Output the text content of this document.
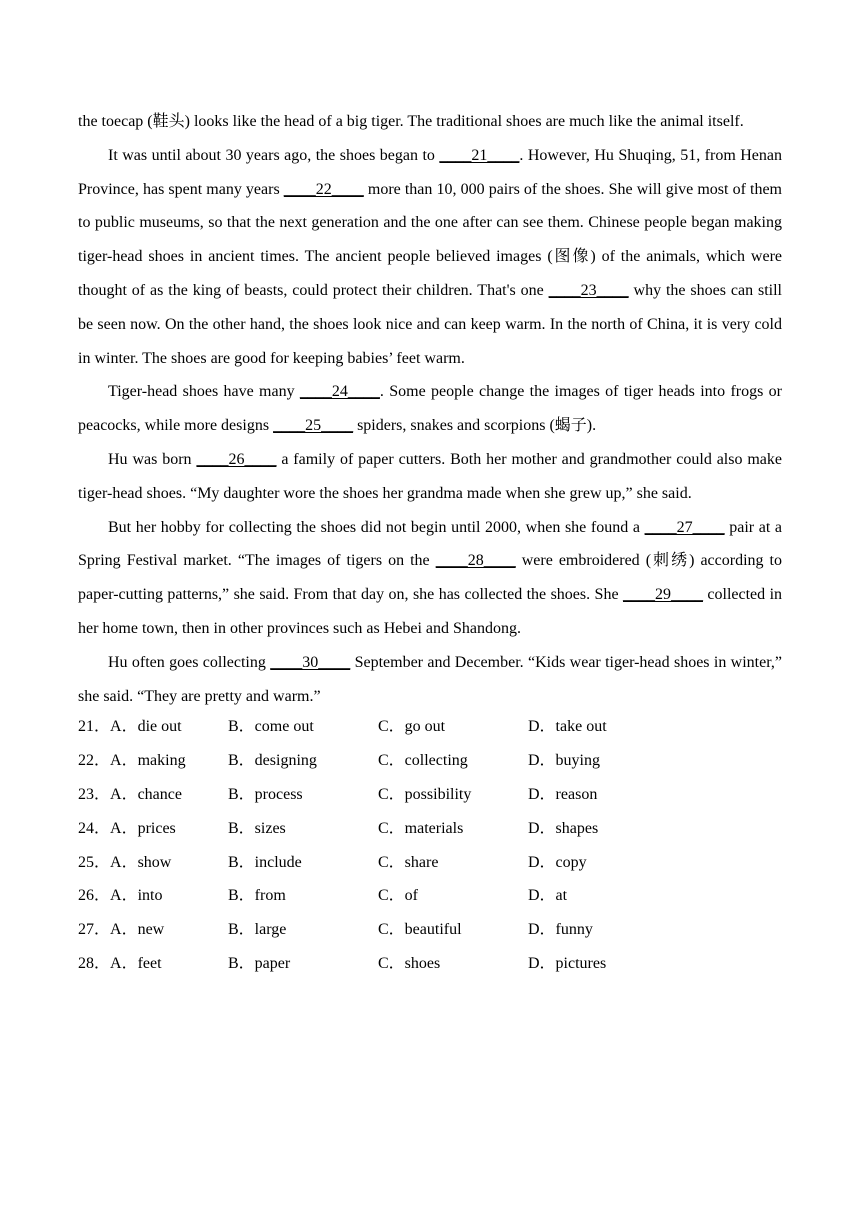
the toecap (鞋头) looks like the head of a big tiger. The traditional shoes are much like the animal itself.

It was until about 30 years ago, the shoes began to ____21____. However, Hu Shuqing, 51, from Henan Province, has spent many years ____22____ more than 10, 000 pairs of the shoes. She will give most of them to public museums, so that the next generation and the one after can see them. Chinese people began making tiger-head shoes in ancient times. The ancient people believed images (图像) of the animals, which were thought of as the king of beasts, could protect their children. That's one ____23____ why the shoes can still be seen now. On the other hand, the shoes look nice and can keep warm. In the north of China, it is very cold in winter. The shoes are good for keeping babies’ feet warm.

Tiger-head shoes have many ____24____. Some people change the images of tiger heads into frogs or peacocks, while more designs ____25____ spiders, snakes and scorpions (蝎子).

Hu was born ____26____ a family of paper cutters. Both her mother and grandmother could also make tiger-head shoes. “My daughter wore the shoes her grandma made when she grew up,” she said.

But her hobby for collecting the shoes did not begin until 2000, when she found a ____27____ pair at a Spring Festival market. “The images of tigers on the ____28____ were embroidered (刺绣) according to paper-cutting patterns,” she said. From that day on, she has collected the shoes. She ____29____ collected in her home town, then in other provinces such as Hebei and Shandong.

Hu often goes collecting ____30____ September and December. “Kids wear tiger-head shoes in winter,” she said. “They are pretty and warm.”

21．A．die out	B．come out	C．go out	D．take out
22．A．making	B．designing	C．collecting	D．buying
23．A．chance	B．process	C．possibility	D．reason
24．A．prices	B．sizes	C．materials	D．shapes
25．A．show	B．include	C．share	D．copy
26．A．into	B．from	C．of	D．at
27．A．new	B．large	C．beautiful	D．funny
28．A．feet	B．paper	C．shoes	D．pictures
